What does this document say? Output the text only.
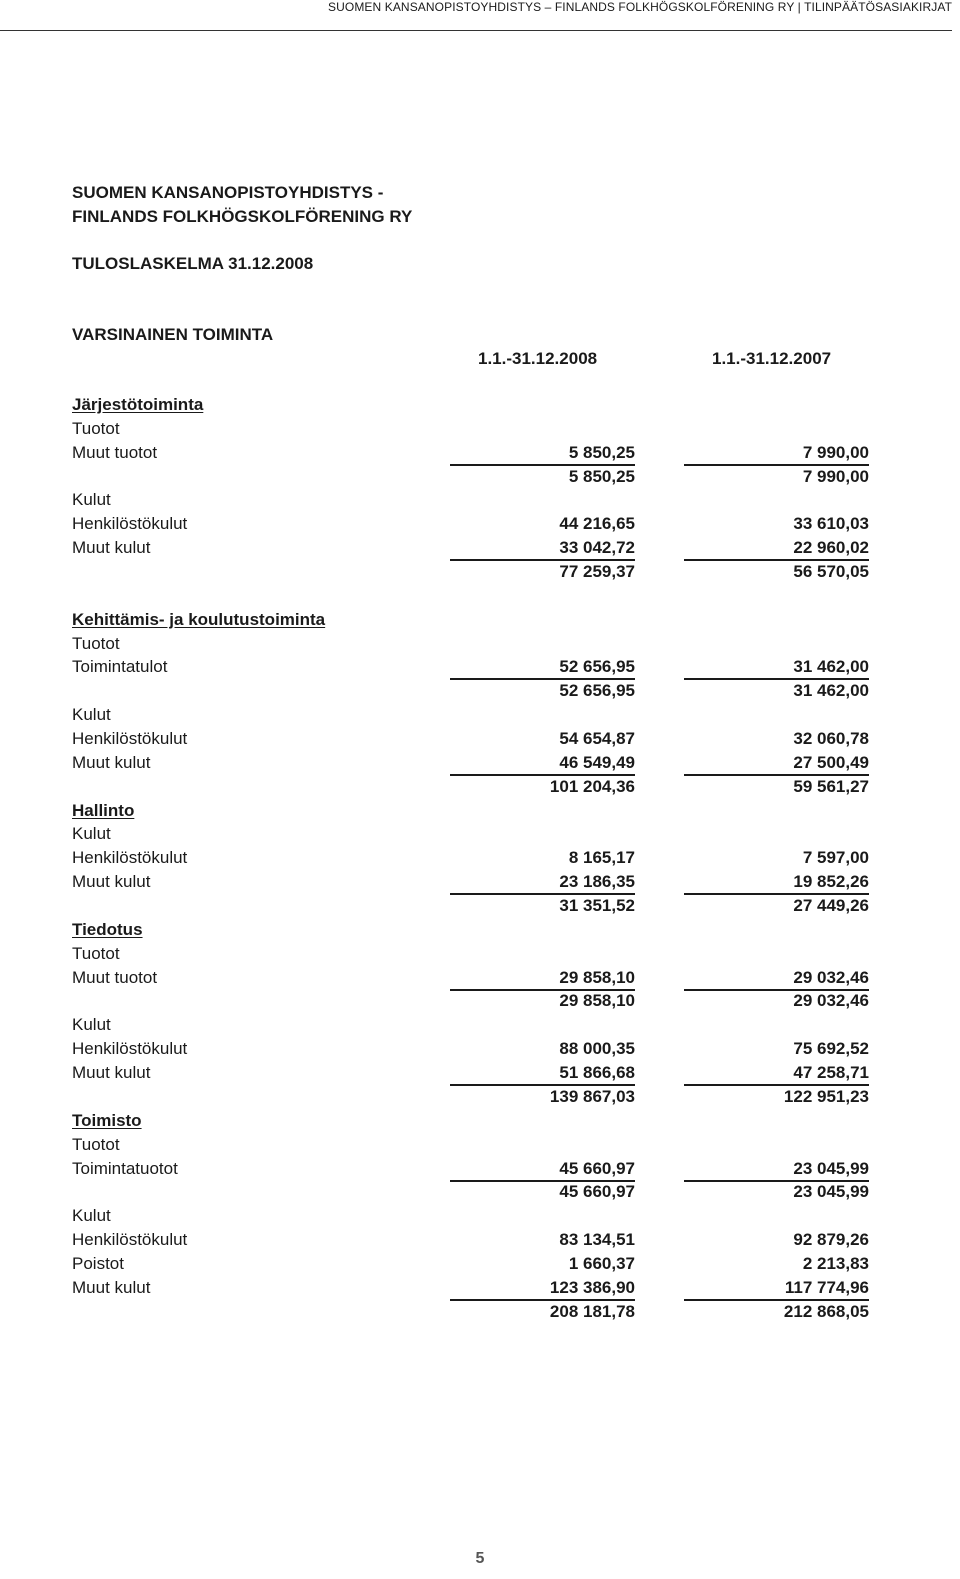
SUOMEN KANSANOPISTOYHDISTYS – FINLANDS FOLKHÖGSKOLFÖRENING RY | TILINPÄÄTÖSASIAKIRJAT
SUOMEN KANSANOPISTOYHDISTYS -
FINLANDS FOLKHÖGSKOLFÖRENING RY
TULOSLASKELMA 31.12.2008
VARSINAINEN TOIMINTA
1.1.-31.12.2008	1.1.-31.12.2007
Järjestötoiminta
Tuotot
Muut tuotot	5 850,25	7 990,00
5 850,25	7 990,00
Kulut
Henkilöstökulut	44 216,65	33 610,03
Muut kulut	33 042,72	22 960,02
77 259,37	56 570,05
Kehittämis- ja koulutustoiminta
Tuotot
Toimintatulot	52 656,95	31 462,00
52 656,95	31 462,00
Kulut
Henkilöstökulut	54 654,87	32 060,78
Muut kulut	46 549,49	27 500,49
101 204,36	59 561,27
Hallinto
Kulut
Henkilöstökulut	8 165,17	7 597,00
Muut kulut	23 186,35	19 852,26
31 351,52	27 449,26
Tiedotus
Tuotot
Muut tuotot	29 858,10	29 032,46
29 858,10	29 032,46
Kulut
Henkilöstökulut	88 000,35	75 692,52
Muut kulut	51 866,68	47 258,71
139 867,03	122 951,23
Toimisto
Tuotot
Toimintatuotot	45 660,97	23 045,99
45 660,97	23 045,99
Kulut
Henkilöstökulut	83 134,51	92 879,26
Poistot	1 660,37	2 213,83
Muut kulut	123 386,90	117 774,96
208 181,78	212 868,05
5
